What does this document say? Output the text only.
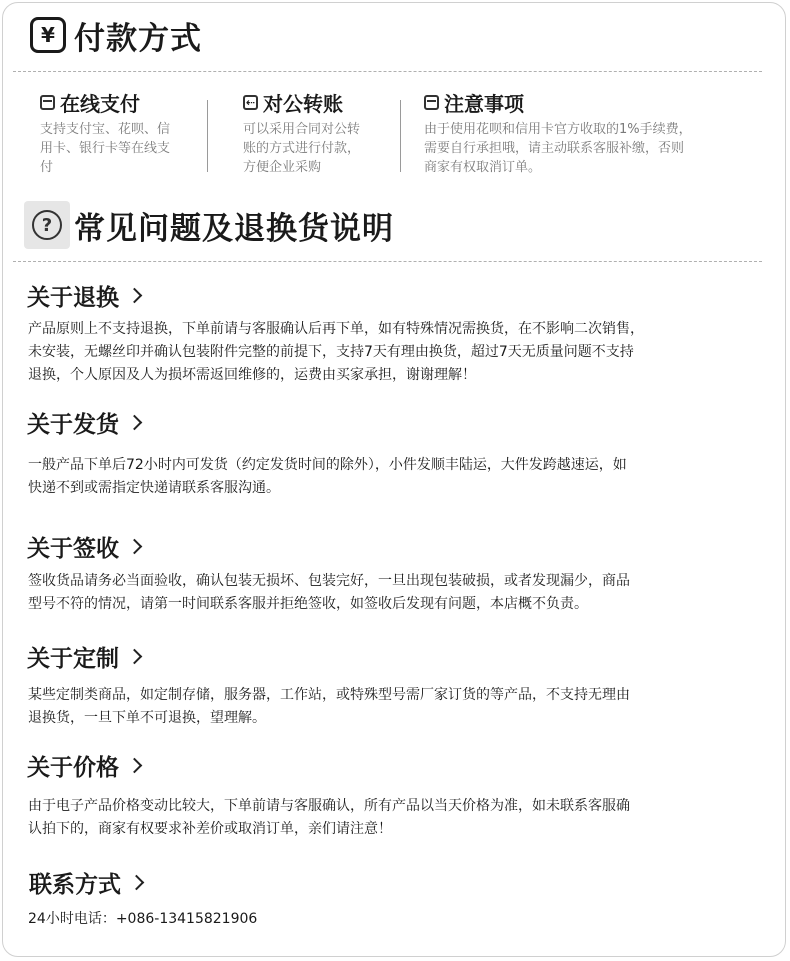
¥ 付款方式
在线支付
支持支付宝、花呗、信
用卡、银行卡等在线支
付
⇠ 对公转账
可以采用合同对公转
账的方式进行付款，
方便企业采购
注意事项
由于使用花呗和信用卡官方收取的1%手续费，
需要自行承担哦，请主动联系客服补缴，否则
商家有权取消订单。
? 常见问题及退换货说明
关于退换
产品原则上不支持退换，下单前请与客服确认后再下单，如有特殊情况需换货，在不影响二次销售，
未安装，无螺丝印并确认包装附件完整的前提下，支持7天有理由换货，超过7天无质量问题不支持
退换，个人原因及人为损坏需返回维修的，运费由买家承担，谢谢理解！
关于发货
一般产品下单后72小时内可发货（约定发货时间的除外），小件发顺丰陆运，大件发跨越速运，如
快递不到或需指定快递请联系客服沟通。
关于签收
签收货品请务必当面验收，确认包装无损坏、包装完好，一旦出现包装破损，或者发现漏少，商品
型号不符的情况，请第一时间联系客服并拒绝签收，如签收后发现有问题，本店概不负责。
关于定制
某些定制类商品，如定制存储，服务器，工作站，或特殊型号需厂家订货的等产品，不支持无理由
退换货，一旦下单不可退换，望理解。
关于价格
由于电子产品价格变动比较大，下单前请与客服确认，所有产品以当天价格为准，如未联系客服确
认拍下的，商家有权要求补差价或取消订单，亲们请注意！
联系方式
24小时电话：+086-13415821906
